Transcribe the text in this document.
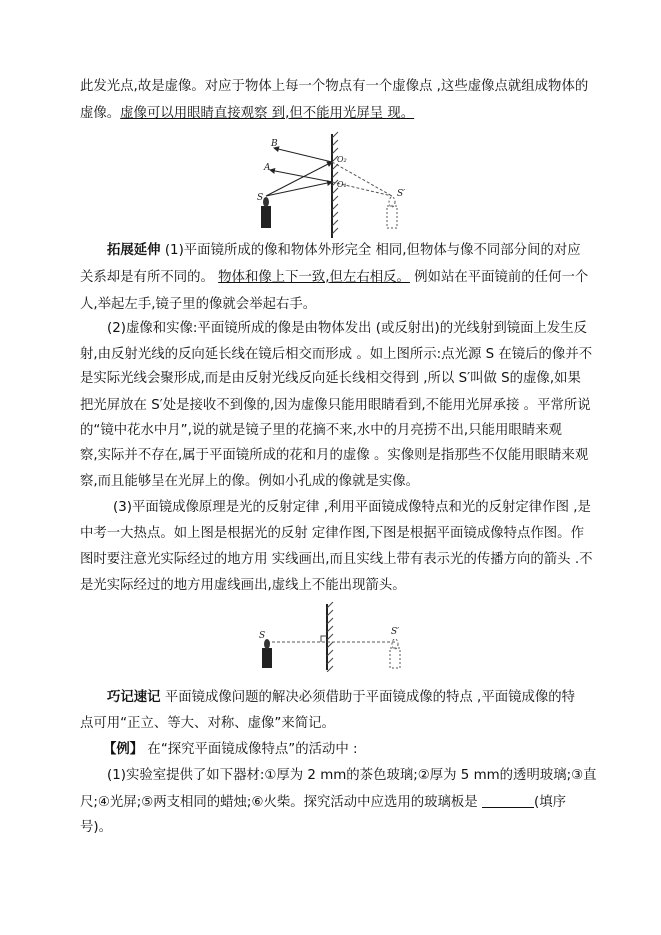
此发光点,故是虚像。对应于物体上每一个物点有一个虚像点 ,这些虚像点就组成物体的
虚像。虚像可以用眼睛直接观察 到,但不能用光屏呈 现。
B
A
S
O₂
O₁
S′
拓展延伸 (1)平面镜所成的像和物体外形完全 相同,但物体与像不同部分间的对应
关系却是有所不同的。 物体和像上下一致,但左右相反。 例如站在平面镜前的任何一个
人,举起左手,镜子里的像就会举起右手。
(2)虚像和实像:平面镜所成的像是由物体发出 (或反射出)的光线射到镜面上发生反
射,由反射光线的反向延长线在镜后相交而形成 。如上图所示:点光源 S 在镜后的像并不
是实际光线会聚形成,而是由反射光线反向延长线相交得到 ,所以 S′叫做 S的虚像,如果
把光屏放在 S′处是接收不到像的,因为虚像只能用眼睛看到,不能用光屏承接 。平常所说
的“镜中花水中月”,说的就是镜子里的花摘不来,水中的月亮捞不出,只能用眼睛来观
察,实际并不存在,属于平面镜所成的花和月的虚像 。实像则是指那些不仅能用眼睛来观
察,而且能够呈在光屏上的像。例如小孔成的像就是实像。
(3)平面镜成像原理是光的反射定律 ,利用平面镜成像特点和光的反射定律作图 ,是
中考一大热点。如上图是根据光的反射 定律作图,下图是根据平面镜成像特点作图。作
图时要注意光实际经过的地方用 实线画出,而且实线上带有表示光的传播方向的箭头 .不
是光实际经过的地方用虚线画出,虚线上不能出现箭头。
S	S′
巧记速记 平面镜成像问题的解决必须借助于平面镜成像的特点 ,平面镜成像的特
点可用“正立、等大、对称、虚像”来简记。
【例】 在“探究平面镜成像特点”的活动中 :
(1)实验室提供了如下器材:①厚为 2 mm的茶色玻璃;②厚为 5 mm的透明玻璃;③直
尺;④光屏;⑤两支相同的蜡烛;⑥火柴。探究活动中应选用的玻璃板是	(填序
号)。
